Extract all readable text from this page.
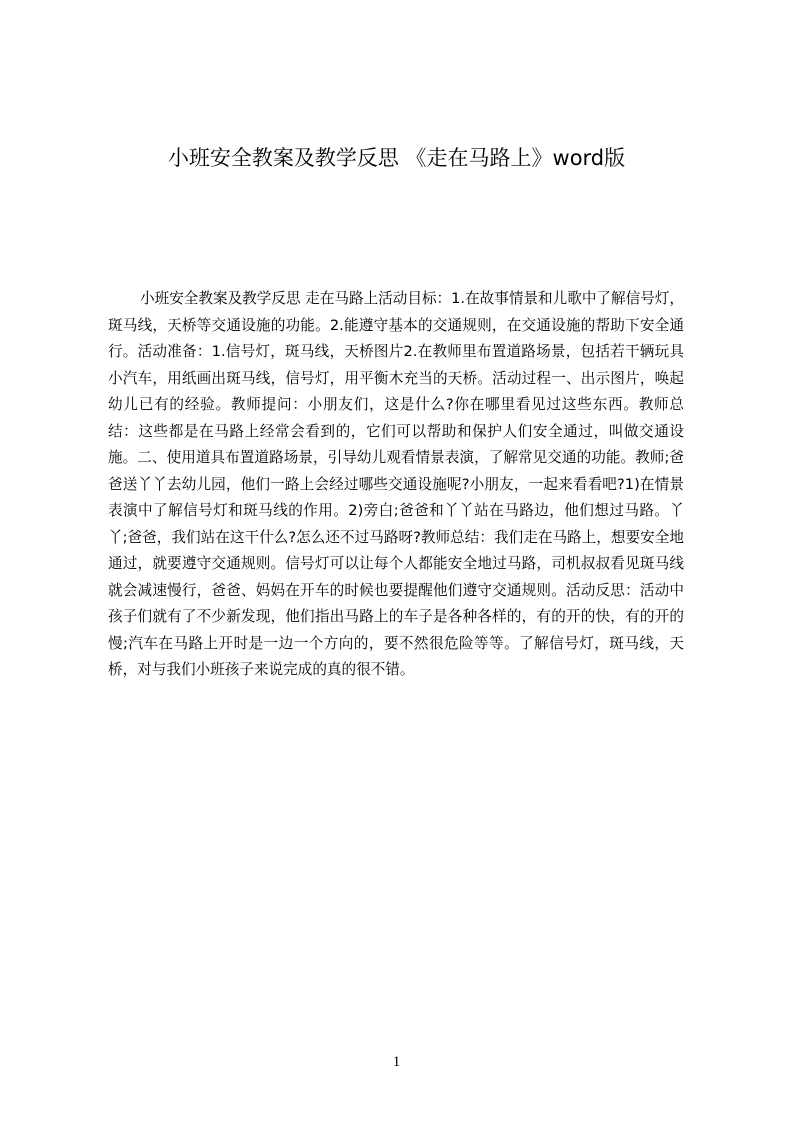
小班安全教案及教学反思 《走在马路上》word版

小班安全教案及教学反思 走在马路上活动目标：1.在故事情景和儿歌中了解信号灯，斑马线，天桥等交通设施的功能。2.能遵守基本的交通规则，在交通设施的帮助下安全通行。活动准备：1.信号灯，斑马线，天桥图片2.在教师里布置道路场景，包括若干辆玩具小汽车，用纸画出斑马线，信号灯，用平衡木充当的天桥。活动过程一、出示图片，唤起幼儿已有的经验。教师提问：小朋友们，这是什么?你在哪里看见过这些东西。教师总结：这些都是在马路上经常会看到的，它们可以帮助和保护人们安全通过，叫做交通设施。二、使用道具布置道路场景，引导幼儿观看情景表演，了解常见交通的功能。教师;爸爸送丫丫去幼儿园，他们一路上会经过哪些交通设施呢?小朋友，一起来看看吧?1)在情景表演中了解信号灯和斑马线的作用。2)旁白;爸爸和丫丫站在马路边，他们想过马路。丫丫;爸爸，我们站在这干什么?怎么还不过马路呀?教师总结：我们走在马路上，想要安全地通过，就要遵守交通规则。信号灯可以让每个人都能安全地过马路，司机叔叔看见斑马线就会减速慢行，爸爸、妈妈在开车的时候也要提醒他们遵守交通规则。活动反思：活动中孩子们就有了不少新发现，他们指出马路上的车子是各种各样的，有的开的快，有的开的慢;汽车在马路上开时是一边一个方向的，要不然很危险等等。了解信号灯，斑马线，天桥，对与我们小班孩子来说完成的真的很不错。

1
